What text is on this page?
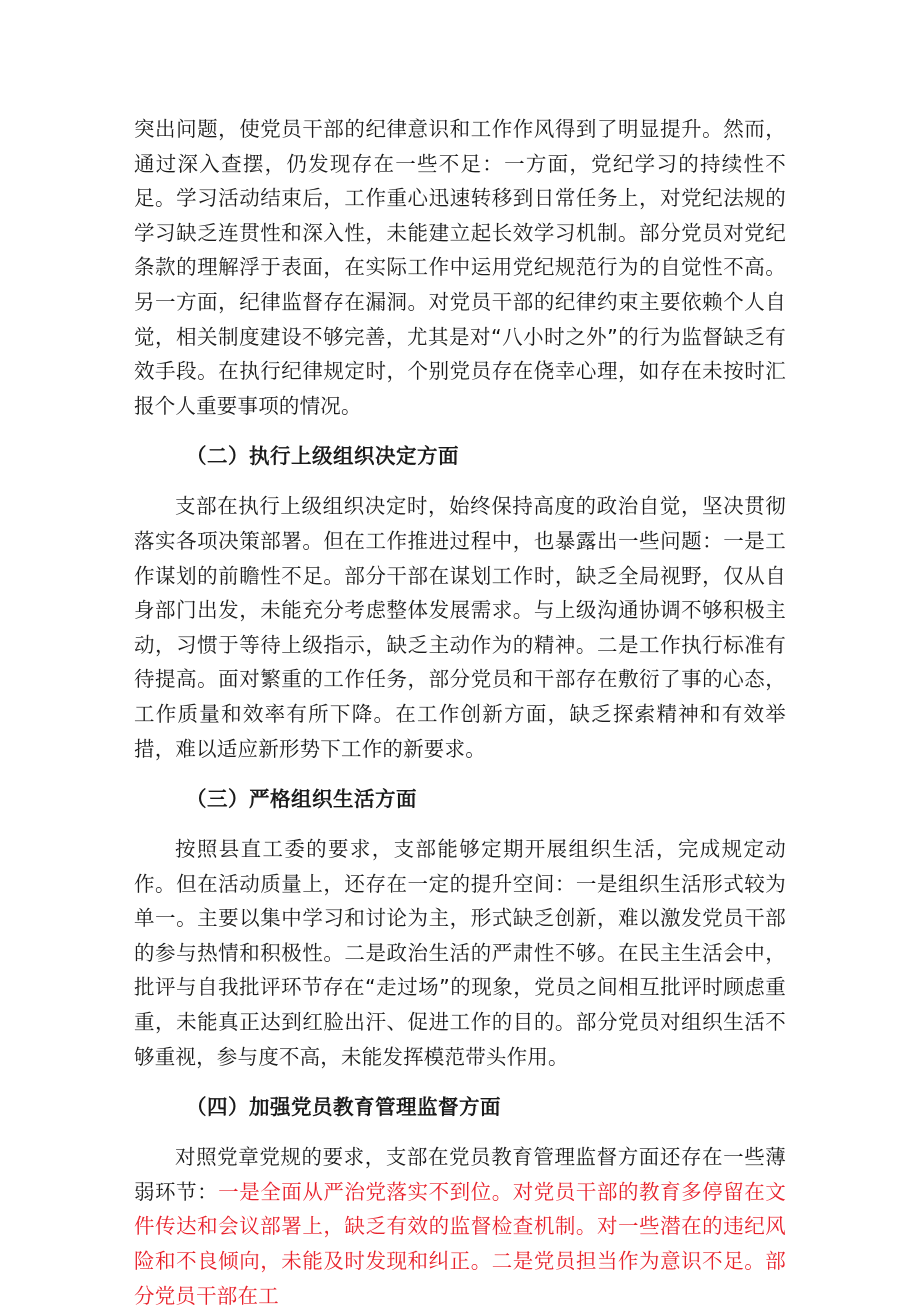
突出问题，使党员干部的纪律意识和工作作风得到了明显提升。然而，通过深入查摆，仍发现存在一些不足：一方面，党纪学习的持续性不足。学习活动结束后，工作重心迅速转移到日常任务上，对党纪法规的学习缺乏连贯性和深入性，未能建立起长效学习机制。部分党员对党纪条款的理解浮于表面，在实际工作中运用党纪规范行为的自觉性不高。另一方面，纪律监督存在漏洞。对党员干部的纪律约束主要依赖个人自觉，相关制度建设不够完善，尤其是对“八小时之外”的行为监督缺乏有效手段。在执行纪律规定时，个别党员存在侥幸心理，如存在未按时汇报个人重要事项的情况。

（二）执行上级组织决定方面

支部在执行上级组织决定时，始终保持高度的政治自觉，坚决贯彻落实各项决策部署。但在工作推进过程中，也暴露出一些问题：一是工作谋划的前瞻性不足。部分干部在谋划工作时，缺乏全局视野，仅从自身部门出发，未能充分考虑整体发展需求。与上级沟通协调不够积极主动，习惯于等待上级指示，缺乏主动作为的精神。二是工作执行标准有待提高。面对繁重的工作任务，部分党员和干部存在敷衍了事的心态，工作质量和效率有所下降。在工作创新方面，缺乏探索精神和有效举措，难以适应新形势下工作的新要求。

（三）严格组织生活方面

按照县直工委的要求，支部能够定期开展组织生活，完成规定动作。但在活动质量上，还存在一定的提升空间：一是组织生活形式较为单一。主要以集中学习和讨论为主，形式缺乏创新，难以激发党员干部的参与热情和积极性。二是政治生活的严肃性不够。在民主生活会中，批评与自我批评环节存在“走过场”的现象，党员之间相互批评时顾虑重重，未能真正达到红脸出汗、促进工作的目的。部分党员对组织生活不够重视，参与度不高，未能发挥模范带头作用。

（四）加强党员教育管理监督方面

对照党章党规的要求，支部在党员教育管理监督方面还存在一些薄弱环节：一是全面从严治党落实不到位。对党员干部的教育多停留在文件传达和会议部署上，缺乏有效的监督检查机制。对一些潜在的违纪风险和不良倾向，未能及时发现和纠正。二是党员担当作为意识不足。部分党员干部在工
